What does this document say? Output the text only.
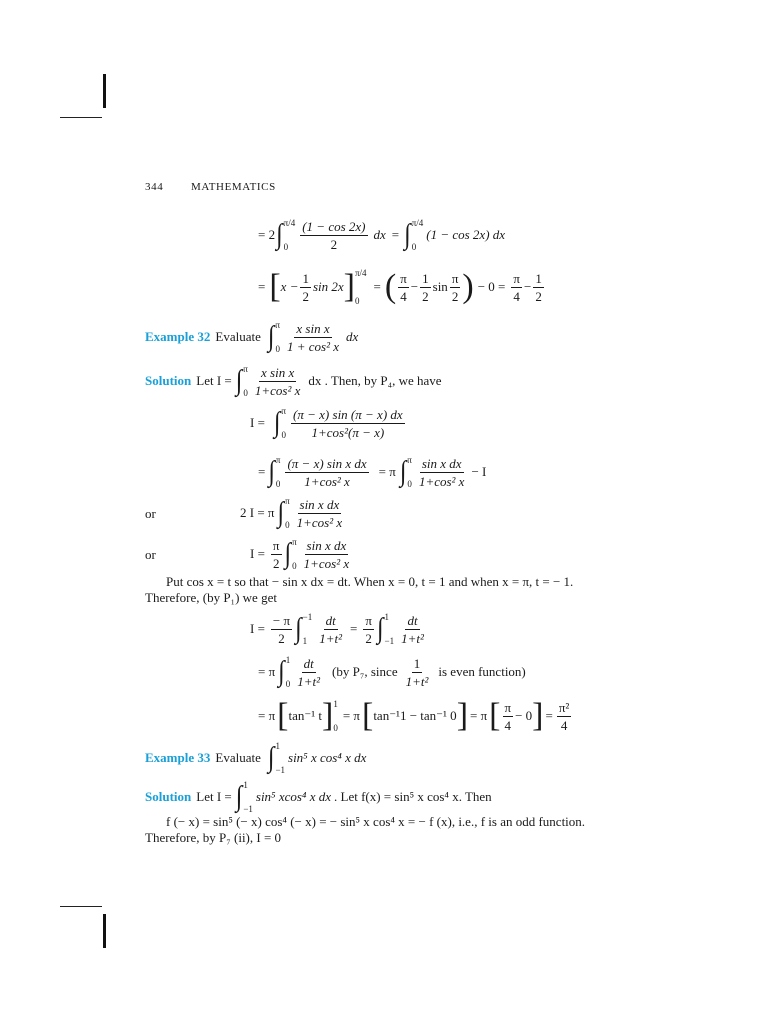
344	MATHEMATICS
= 2 ∫ π/4
$0 \frac{(1 - \cos 2x)}{2}$ dx = ∫ π/4
0
(1 − cos 2x) dx
= [ $x - \frac{1}{2}$ sin 2x ] π/4
0
= ( $\frac{\pi}{4} - \frac{1}{2}$ $\sin \frac{\pi}{2}$ ) − $0 = \frac{\pi}{4} - \frac{1}{2}$
Example 32 Evaluate ∫ π
$0 \frac{\text{x sin x}}{\text{1 + cos² x}}$ dx
Solution Let I = ∫ π
$0 \frac{\text{x sin x}}{\text{1+cos² x}}$ dx . Then, by P₄, we have
I = ∫ π
$0 \frac{(\pi - x) \sin (\pi - x) dx}{\text{1+cos²(π − x)}}$
= ∫ π
$0 \frac{\text{(π − x) sin x dx}}{\text{1+cos² x}} = \pi$ ∫ π
$0 \frac{\text{sin x dx}}{\text{1+cos² x}} - I$
or	2 I = π ∫ π
$0 \frac{\text{sin x dx}}{\text{1+cos² x}}$
or	$I = \frac{\pi}{2}$ ∫ π
$0 \frac{\text{sin x dx}}{\text{1+cos² x}}$
Put cos x = t so that − sin x dx = dt. When x = 0, t = 1 and when x = π, t = − 1.
Therefore, (by P₁) we get
$I = \frac{- \pi}{2}$ ∫ −1
$1 \frac{dt}{\text{1+t²}} = \frac{\pi}{2}$ ∫ 1
$-1 \frac{dt}{\text{1+t²}}$
= π ∫ 1
$0 \frac{dt}{\text{1+t²}} (by$ P₇, since $\frac{1}{\text{1+t²}}$ is even function)
= π [ tan⁻¹ t ] 1
0
= π [ tan⁻¹1 − tan⁻¹ 0 ] = π [ $\frac{\pi}{4} - 0$ ] = $\frac{\text{π²}}{4}$
Example 33 Evaluate ∫ 1
−1
sin⁵ x cos⁴ x dx
Solution Let I = ∫ 1
−1
sin⁵ xcos⁴ x dx . Let f(x) = sin⁵ x cos⁴ x. Then
f (− x) = sin⁵ (− x) cos⁴ (− x) = − sin⁵ x cos⁴ x = − f (x), i.e., f is an odd function.
Therefore, by P₇ (ii), I = 0
